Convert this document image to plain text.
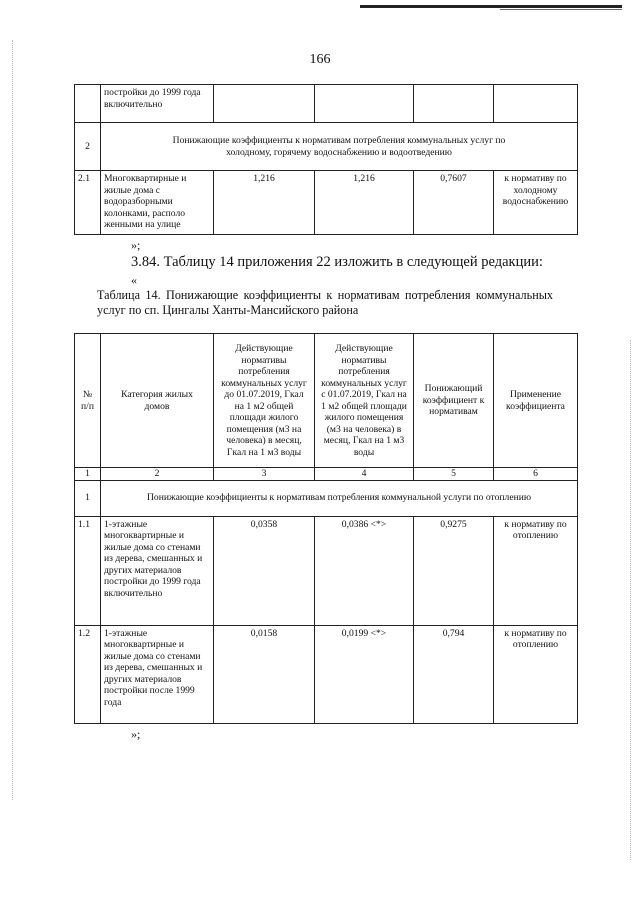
166
	постройки до 1999 года включительно				
2	Понижающие коэффициенты к нормативам потребления коммунальных услуг по холодному, горячему водоснабжению и водоотведению				
2.1	Многоквартирные и жилые дома с водоразборными колонками, располо женными на улице	1,216	1,216	0,7607	к нормативу по холодному водоснабжению
»;
3.84. Таблицу 14 приложения 22 изложить в следующей редакции:
«
Таблица 14. Понижающие коэффициенты к нормативам потребления коммунальных услуг по сп. Цингалы Ханты-Мансийского района
№ п/п	Категория жилых домов	Действующие нормативы потребления коммунальных услуг до 01.07.2019, Гкал на 1 м2 общей площади жилого помещения (м3 на человека) в месяц, Гкал на 1 м3 воды	Действующие нормативы потребления коммунальных услуг с 01.07.2019, Гкал на 1 м2 общей площади жилого помещения (м3 на человека) в месяц, Гкал на 1 м3 воды	Понижающий коэффициент к нормативам	Применение коэффициента
1	2	3	4	5	6
1	Понижающие коэффициенты к нормативам потребления коммунальной услуги по отоплению				
1.1	1-этажные многоквартирные и жилые дома со стенами из дерева, смешанных и других материалов постройки до 1999 года включительно	0,0358	0,0386 <*>	0,9275	к нормативу по отоплению
1.2	1-этажные многоквартирные и жилые дома со стенами из дерева, смешанных и других материалов постройки после 1999 года	0,0158	0,0199 <*>	0,794	к нормативу по отоплению
»;
